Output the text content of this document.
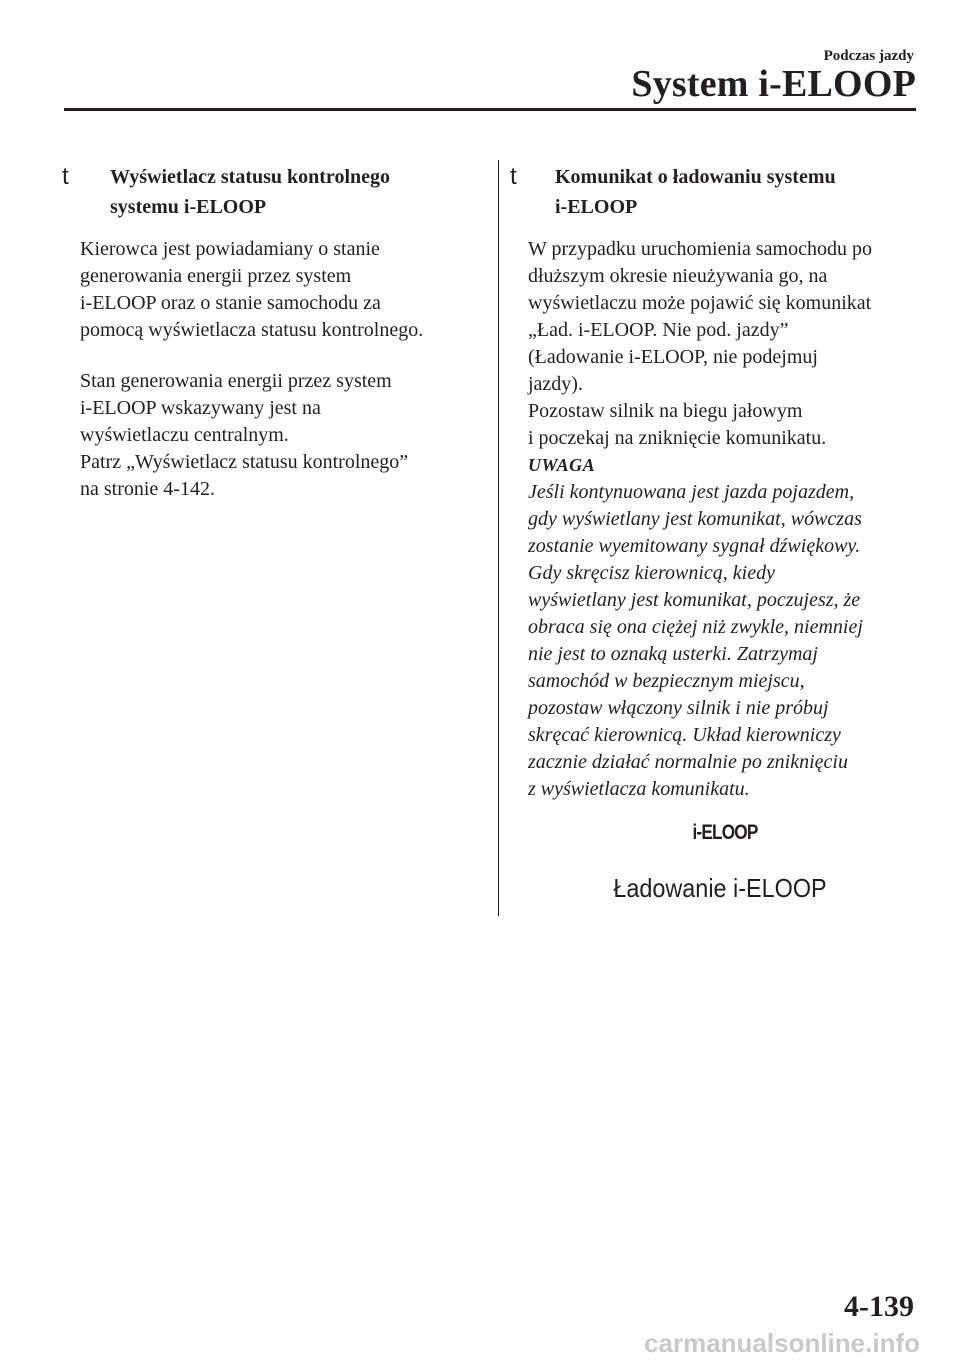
Podczas jazdy
System i-ELOOP
t Wyświetlacz statusu kontrolnego
systemu i-ELOOP

Kierowca jest powiadamiany o stanie
generowania energii przez system
i-ELOOP oraz o stanie samochodu za
pomocą wyświetlacza statusu kontrolnego.

Stan generowania energii przez system
i-ELOOP wskazywany jest na
wyświetlaczu centralnym.
Patrz „Wyświetlacz statusu kontrolnego”
na stronie 4-142.

t Komunikat o ładowaniu systemu
i-ELOOP

W przypadku uruchomienia samochodu po
dłuższym okresie nieużywania go, na
wyświetlaczu może pojawić się komunikat
„Ład. i-ELOOP. Nie pod. jazdy”
(Ładowanie i-ELOOP, nie podejmuj
jazdy).
Pozostaw silnik na biegu jałowym
i poczekaj na zniknięcie komunikatu.

UWAGA

Jeśli kontynuowana jest jazda pojazdem,
gdy wyświetlany jest komunikat, wówczas
zostanie wyemitowany sygnał dźwiękowy.
Gdy skręcisz kierownicą, kiedy
wyświetlany jest komunikat, poczujesz, że
obraca się ona ciężej niż zwykle, niemniej
nie jest to oznaką usterki. Zatrzymaj
samochód w bezpiecznym miejscu,
pozostaw włączony silnik i nie próbuj
skręcać kierownicą. Układ kierowniczy
zacznie działać normalnie po zniknięciu
z wyświetlacza komunikatu.

i-ELOOP
Ładowanie i-ELOOP
4-139
carmanualsonline.info
